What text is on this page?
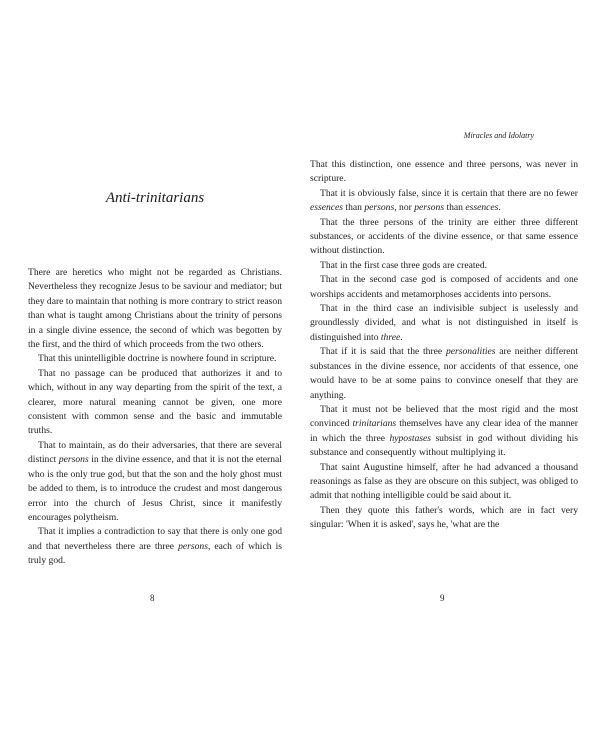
Anti-trinitarians

There are heretics who might not be regarded as Christians. Nevertheless they recognize Jesus to be saviour and mediator; but they dare to maintain that nothing is more contrary to strict reason than what is taught among Christians about the trinity of persons in a single divine essence, the second of which was begotten by the first, and the third of which proceeds from the two others.

That this unintelligible doctrine is nowhere found in scripture.

That no passage can be produced that authorizes it and to which, without in any way departing from the spirit of the text, a clearer, more natural meaning cannot be given, one more consistent with common sense and the basic and immutable truths.

That to maintain, as do their adversaries, that there are several distinct persons in the divine essence, and that it is not the eternal who is the only true god, but that the son and the holy ghost must be added to them, is to introduce the crudest and most dangerous error into the church of Jesus Christ, since it manifestly encourages polytheism.

That it implies a contradiction to say that there is only one god and that nevertheless there are three persons, each of which is truly god.

8
Miracles and Idolatry

That this distinction, one essence and three persons, was never in scripture.

That it is obviously false, since it is certain that there are no fewer essences than persons, nor persons than essences.

That the three persons of the trinity are either three different substances, or accidents of the divine essence, or that same essence without distinction.

That in the first case three gods are created.

That in the second case god is composed of accidents and one worships accidents and metamorphoses accidents into persons.

That in the third case an indivisible subject is uselessly and groundlessly divided, and what is not distinguished in itself is distinguished into three.

That if it is said that the three personalities are neither different substances in the divine essence, nor accidents of that essence, one would have to be at some pains to convince oneself that they are anything.

That it must not be believed that the most rigid and the most convinced trinitarians themselves have any clear idea of the manner in which the three hypostases subsist in god without dividing his substance and consequently without multiplying it.

That saint Augustine himself, after he had advanced a thousand reasonings as false as they are obscure on this subject, was obliged to admit that nothing intelligible could be said about it.

Then they quote this father's words, which are in fact very singular: 'When it is asked', says he, 'what are the

9
